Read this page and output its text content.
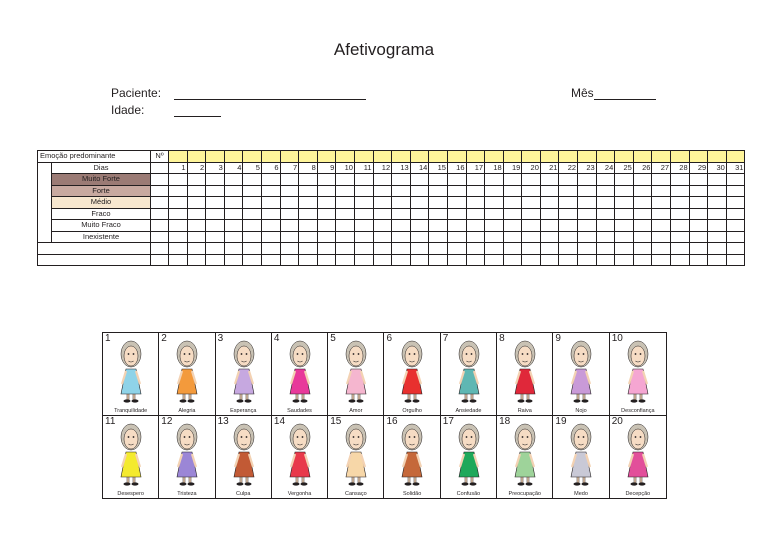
Afetivograma
Paciente:
Idade:
Mês
Emoção predominante		Nº																															
	Dias		1	2	3	4	5	6	7	8	9	10	11	12	13	14	15	16	17	18	19	20	21	22	23	24	25	26	27	28	29	30	31
	Muito Forte																																
	Forte																																
	Médio																																
	Fraco																																
	Muito Fraco																																
	Inexistente																																

1
Tranquilidade
2
Alegria
3
Esperança
4
Saudades
5
Amor
6
Orgulho
7
Ansiedade
8
Raiva
9
Nojo
10
Desconfiança
11
Desespero
12
Tristeza
13
Culpa
14
Vergonha
15
Cansaço
16
Solidão
17
Confusão
18
Preocupação
19
Medo
20
Decepção
